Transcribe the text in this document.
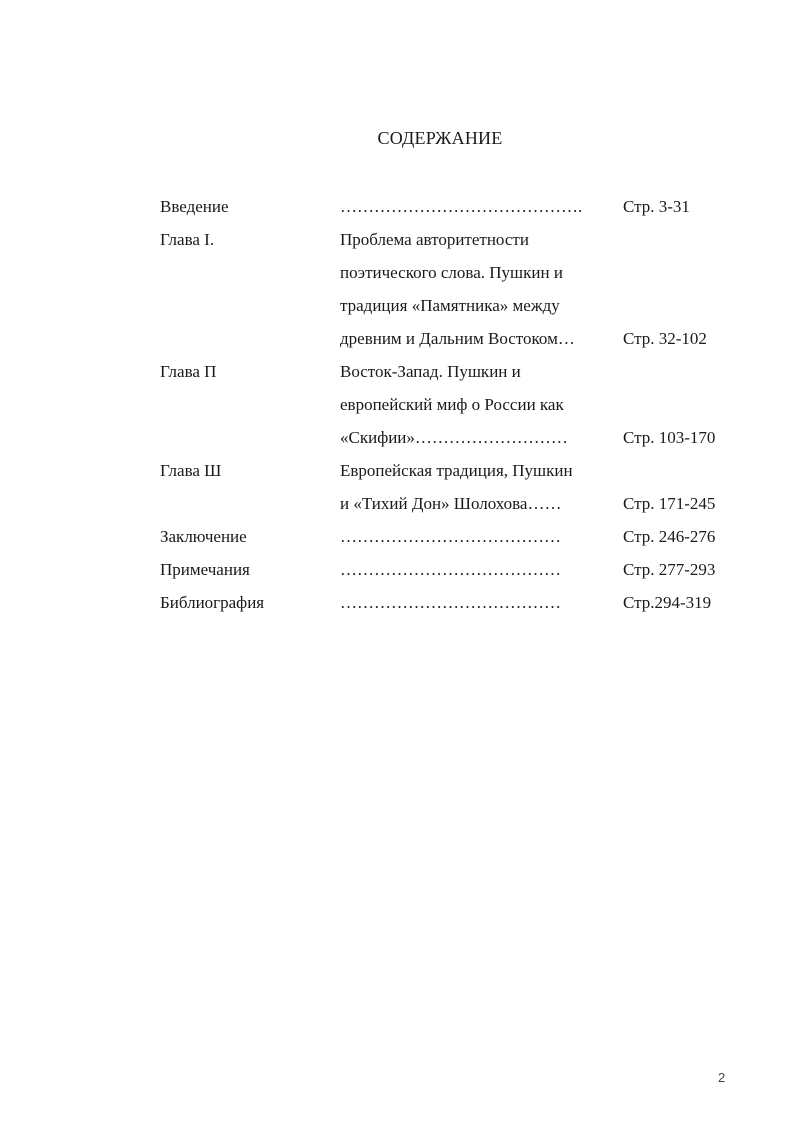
СОДЕРЖАНИЕ
Введение	……………………………………. Стр. 3-31
Глава I.	Проблема авторитетности
поэтического слова. Пушкин и
традиция «Памятника» между
древним и Дальним Востоком…	Стр. 32-102
Глава П	Восток-Запад. Пушкин и
европейский миф о России как
«Скифии»………………………	Стр. 103-170
Глава Ш	Европейская традиция, Пушкин
и «Тихий Дон» Шолохова……	Стр. 171-245
Заключение	…………………………………	Стр. 246-276
Примечания	…………………………………	Стр. 277-293
Библиография	…………………………………	Стр.294-319
2
